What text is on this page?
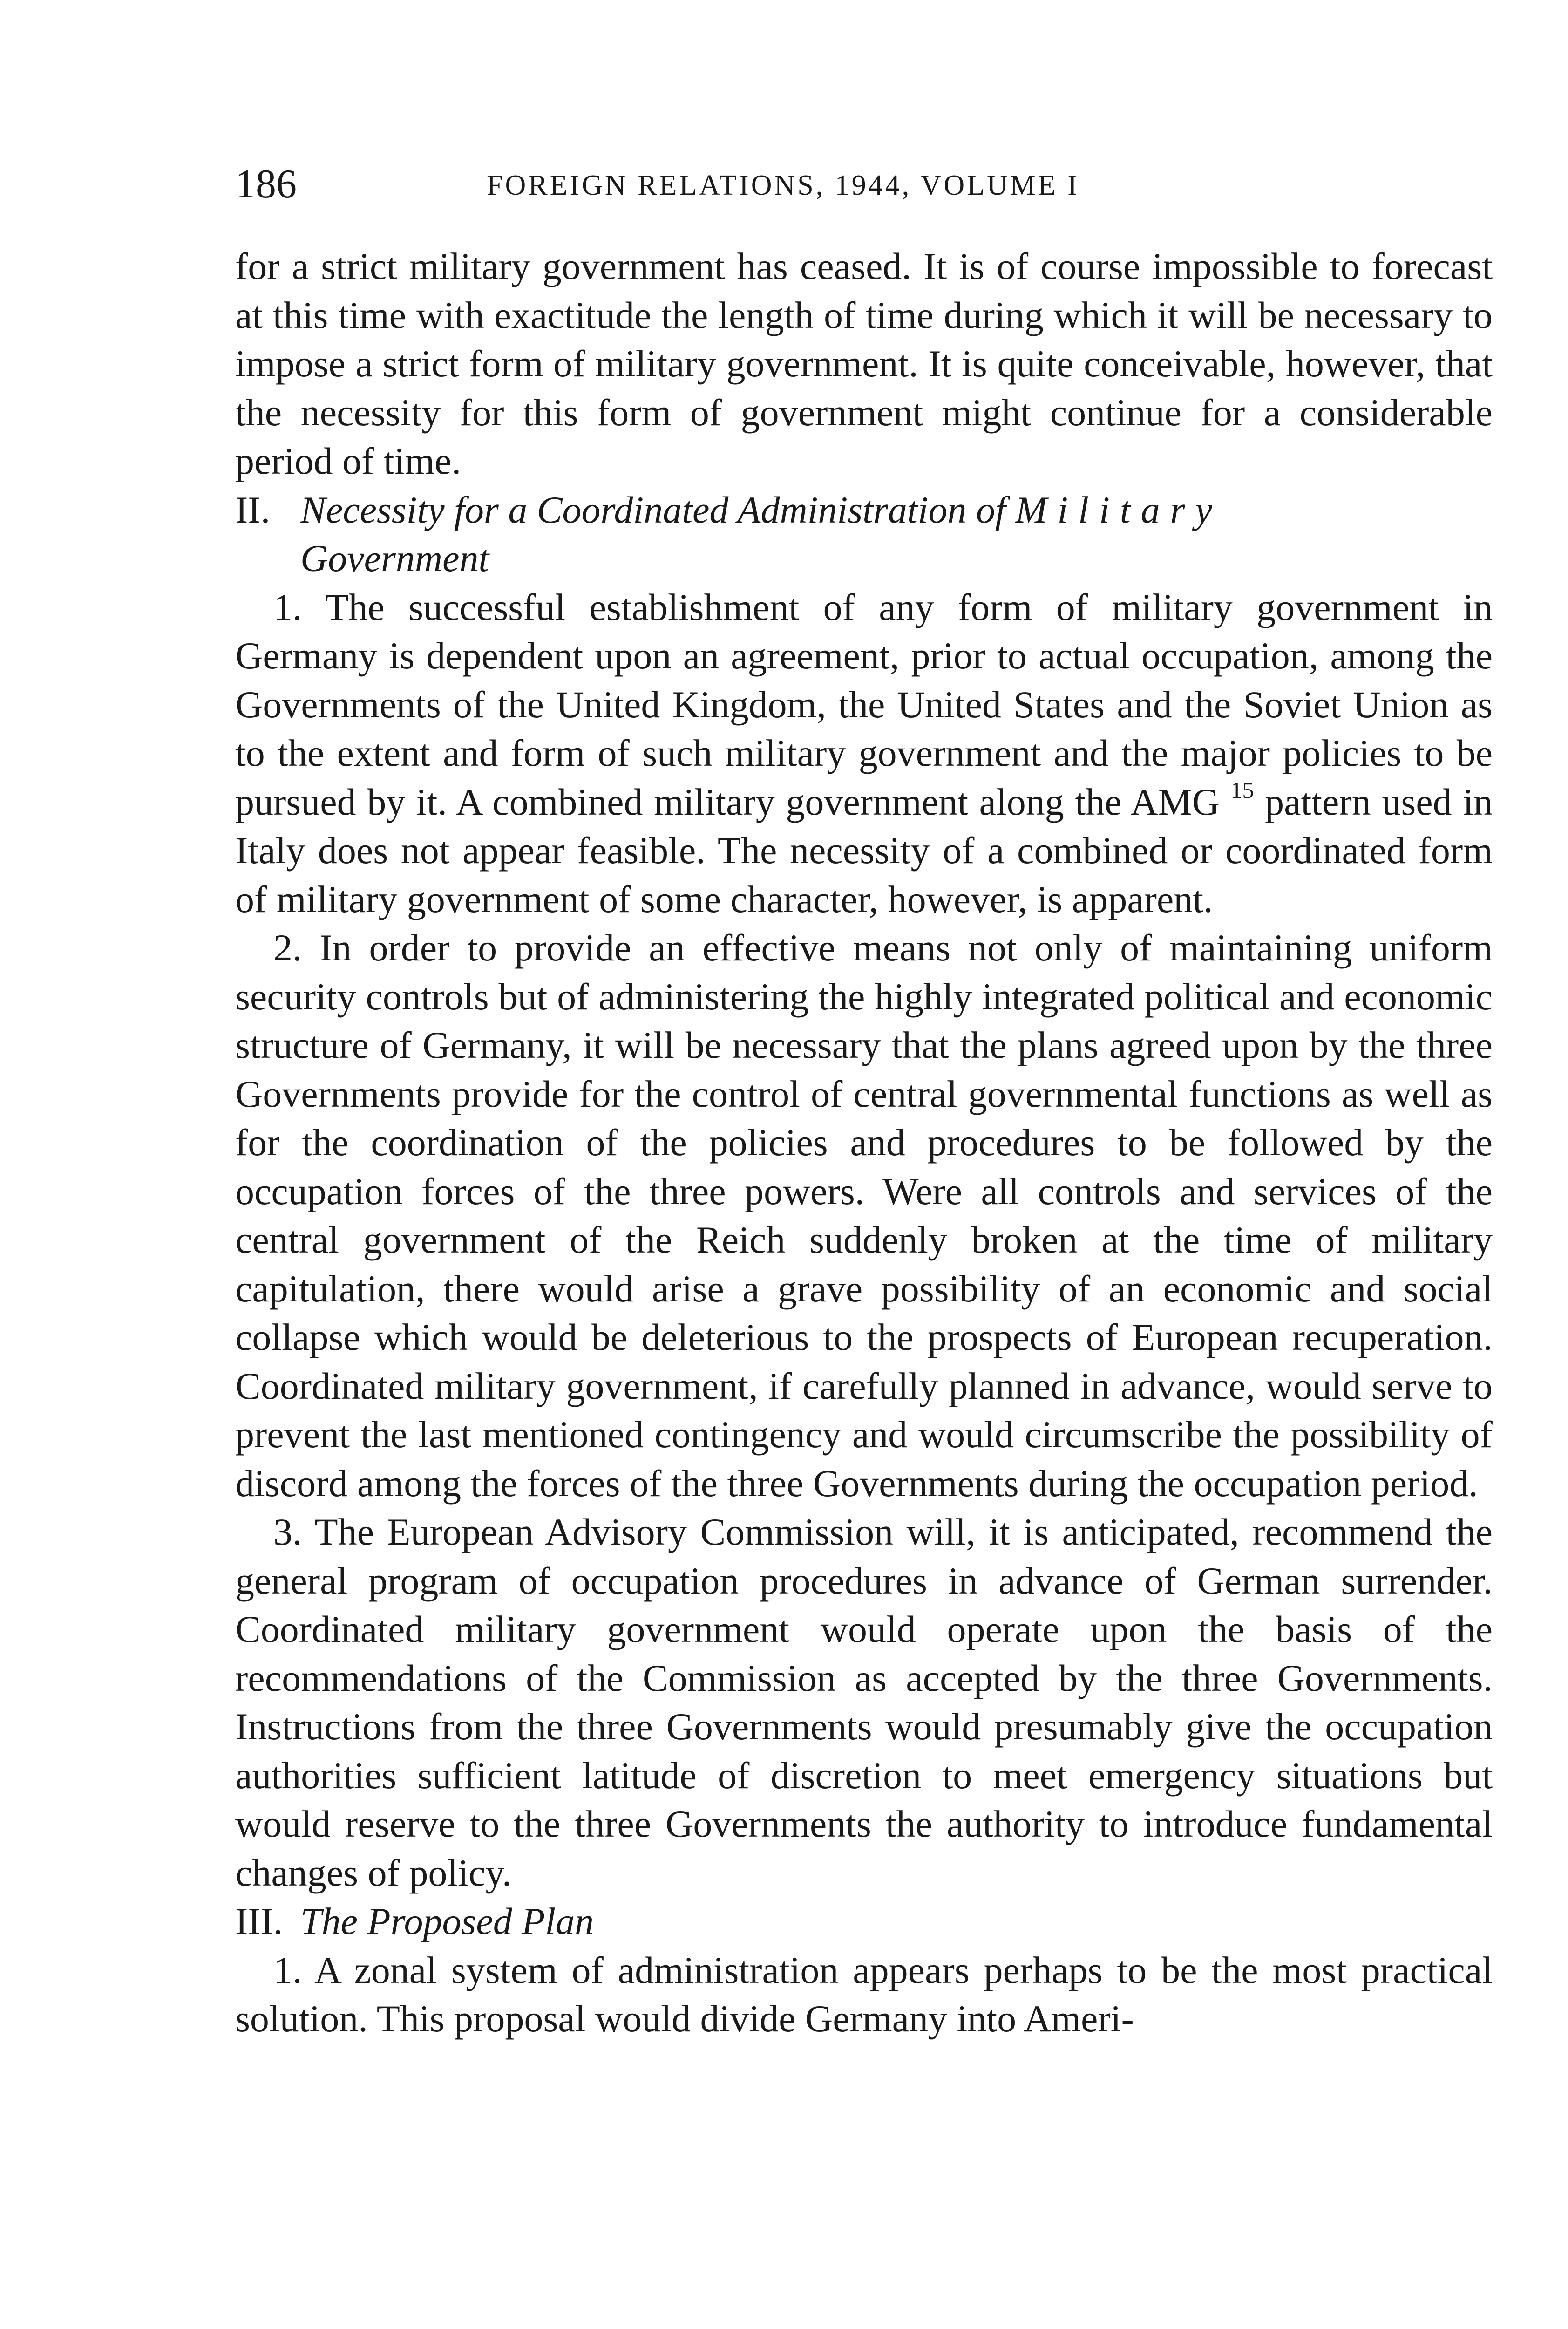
186	FOREIGN RELATIONS, 1944, VOLUME I

for a strict military government has ceased. It is of course impossible to forecast at this time with exactitude the length of time during which it will be necessary to impose a strict form of military government. It is quite conceivable, however, that the necessity for this form of government might continue for a considerable period of time.

II. Necessity for a Coordinated Administration of Military
Government

1. The successful establishment of any form of military government in Germany is dependent upon an agreement, prior to actual occupation, among the Governments of the United Kingdom, the United States and the Soviet Union as to the extent and form of such military government and the major policies to be pursued by it. A combined military government along the AMG $^{15}$ pattern used in Italy does not appear feasible. The necessity of a combined or coordinated form of military government of some character, however, is apparent.

2. In order to provide an effective means not only of maintaining uniform security controls but of administering the highly integrated political and economic structure of Germany, it will be necessary that the plans agreed upon by the three Governments provide for the control of central governmental functions as well as for the coordination of the policies and procedures to be followed by the occupation forces of the three powers. Were all controls and services of the central government of the Reich suddenly broken at the time of military capitulation, there would arise a grave possibility of an economic and social collapse which would be deleterious to the prospects of European recuperation. Coordinated military government, if carefully planned in advance, would serve to prevent the last mentioned contingency and would circumscribe the possibility of discord among the forces of the three Governments during the occupation period.

3. The European Advisory Commission will, it is anticipated, recommend the general program of occupation procedures in advance of German surrender. Coordinated military government would operate upon the basis of the recommendations of the Commission as accepted by the three Governments. Instructions from the three Governments would presumably give the occupation authorities sufficient latitude of discretion to meet emergency situations but would reserve to the three Governments the authority to introduce fundamental changes of policy.

III. The Proposed Plan

1. A zonal system of administration appears perhaps to be the most practical solution. This proposal would divide Germany into Ameri-
